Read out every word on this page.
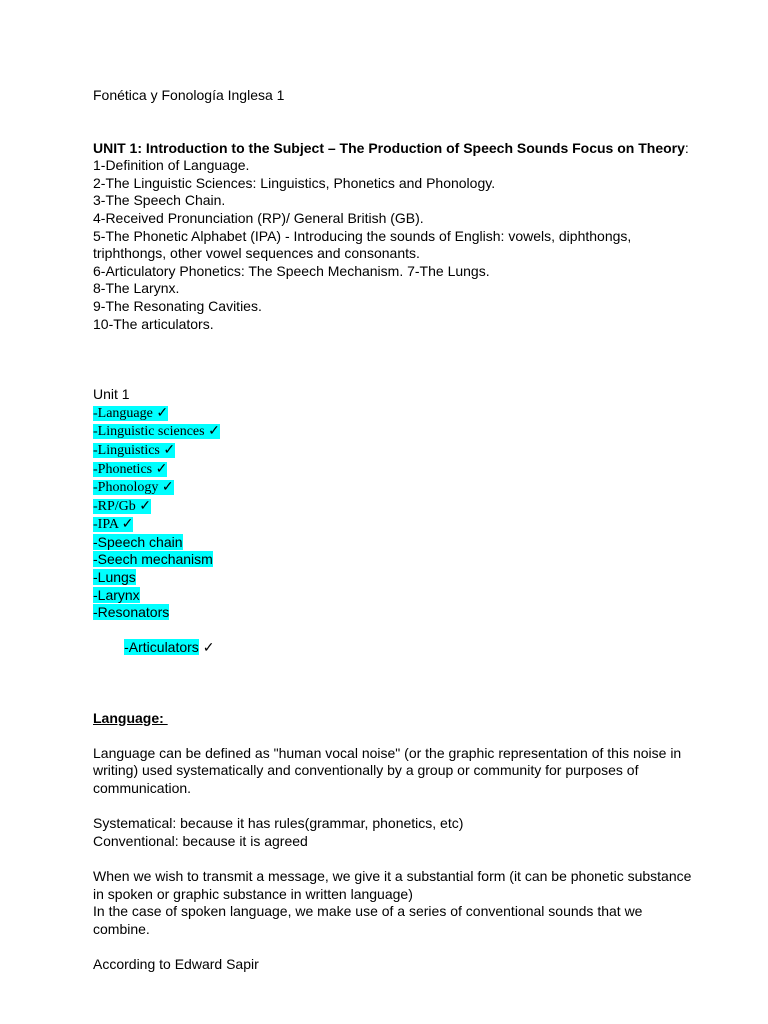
Fonética y Fonología Inglesa 1
UNIT 1: Introduction to the Subject – The Production of Speech Sounds Focus on Theory:
1-Definition of Language.
2-The Linguistic Sciences: Linguistics, Phonetics and Phonology.
3-The Speech Chain.
4-Received Pronunciation (RP)/ General British (GB).
5-The Phonetic Alphabet (IPA) - Introducing the sounds of English: vowels, diphthongs, triphthongs, other vowel sequences and consonants.
6-Articulatory Phonetics: The Speech Mechanism. 7-The Lungs.
8-The Larynx.
9-The Resonating Cavities.
10-The articulators.
Unit 1
-Language ✓
-Linguistic sciences ✓
-Linguistics ✓
-Phonetics ✓
-Phonology ✓
-RP/Gb ✓
-IPA ✓
-Speech chain
-Seech mechanism
-Lungs
-Larynx
-Resonators

-Articulators ✓

Language:
Language can be defined as "human vocal noise" (or the graphic representation of this noise in writing) used systematically and conventionally by a group or community for purposes of communication.
Systematical: because it has rules(grammar, phonetics, etc)
Conventional: because it is agreed
When we wish to transmit a message, we give it a substantial form (it can be phonetic substance in spoken or graphic substance in written language)
In the case of spoken language, we make use of a series of conventional sounds that we combine.
According to Edward Sapir
